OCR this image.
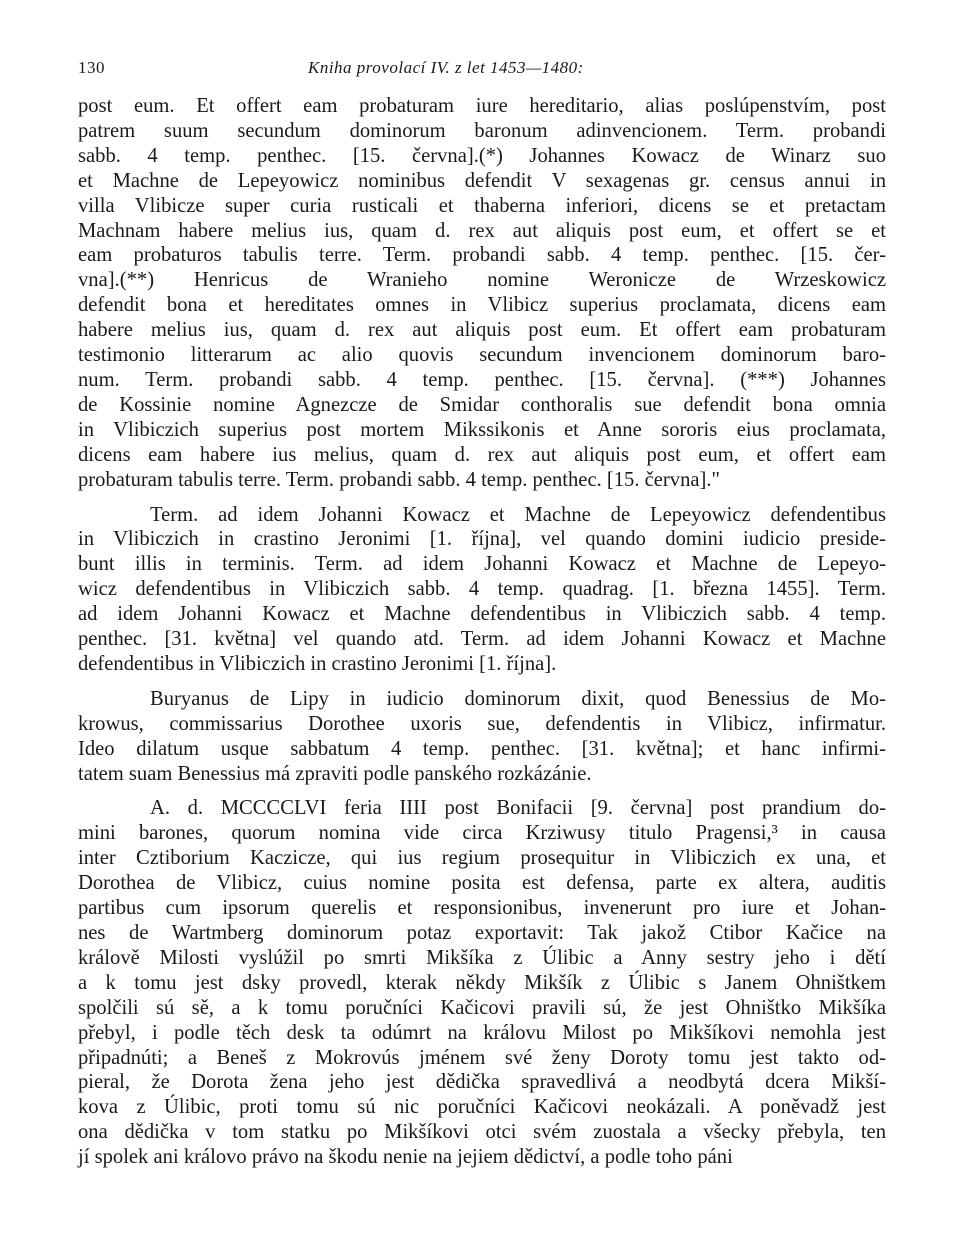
130	Kniha provolací IV. z let 1453—1480:
post eum. Et offert eam probaturam iure hereditario, alias poslúpenstvím, post
patrem suum secundum dominorum baronum adinvencionem. Term. probandi
sabb. 4 temp. penthec. [15. června].(*) Johannes Kowacz de Winarz suo
et Machne de Lepeyowicz nominibus defendit V sexagenas gr. census annui in
villa Vlibicze super curia rusticali et thaberna inferiori, dicens se et pretactam
Machnam habere melius ius, quam d. rex aut aliquis post eum, et offert se et
eam probaturos tabulis terre. Term. probandi sabb. 4 temp. penthec. [15. čer-
vna].(**) Henricus de Wranieho nomine Weronicze de Wrzeskowicz
defendit bona et hereditates omnes in Vlibicz superius proclamata, dicens eam
habere melius ius, quam d. rex aut aliquis post eum. Et offert eam probaturam
testimonio litterarum ac alio quovis secundum invencionem dominorum baro-
num. Term. probandi sabb. 4 temp. penthec. [15. června]. (***) Johannes
de Kossinie nomine Agnezcze de Smidar conthoralis sue defendit bona omnia
in Vlibiczich superius post mortem Mikssikonis et Anne sororis eius proclamata,
dicens eam habere ius melius, quam d. rex aut aliquis post eum, et offert eam
probaturam tabulis terre. Term. probandi sabb. 4 temp. penthec. [15. června]."
Term. ad idem Johanni Kowacz et Machne de Lepeyowicz defendentibus
in Vlibiczich in crastino Jeronimi [1. října], vel quando domini iudicio preside-
bunt illis in terminis. Term. ad idem Johanni Kowacz et Machne de Lepeyo-
wicz defendentibus in Vlibiczich sabb. 4 temp. quadrag. [1. března 1455]. Term.
ad idem Johanni Kowacz et Machne defendentibus in Vlibiczich sabb. 4 temp.
penthec. [31. května] vel quando atd. Term. ad idem Johanni Kowacz et Machne
defendentibus in Vlibiczich in crastino Jeronimi [1. října].
Buryanus de Lipy in iudicio dominorum dixit, quod Benessius de Mo-
krowus, commissarius Dorothee uxoris sue, defendentis in Vlibicz, infirmatur.
Ideo dilatum usque sabbatum 4 temp. penthec. [31. května]; et hanc infirmi-
tatem suam Benessius má zpraviti podle panského rozkázánie.
A. d. MCCCCLVI feria IIII post Bonifacii [9. června] post prandium do-
mini barones, quorum nomina vide circa Krziwusy titulo Pragensi,³ in causa
inter Cztiborium Kaczicze, qui ius regium prosequitur in Vlibiczich ex una, et
Dorothea de Vlibicz, cuius nomine posita est defensa, parte ex altera, auditis
partibus cum ipsorum querelis et responsionibus, invenerunt pro iure et Johan-
nes de Wartmberg dominorum potaz exportavit: Tak jakož Ctibor Kačice na
králově Milosti vyslúžil po smrti Mikšíka z Úlibic a Anny sestry jeho i dětí
a k tomu jest dsky provedl, kterak někdy Mikšík z Úlibic s Janem Ohništkem
spolčili sú sě, a k tomu poručníci Kačicovi pravili sú, že jest Ohništko Mikšíka
přebyl, i podle těch desk ta odúmrt na královu Milost po Mikšíkovi nemohla jest
připadnúti; a Beneš z Mokrovús jménem své ženy Doroty tomu jest takto od-
pieral, že Dorota žena jeho jest dědička spravedlivá a neodbytá dcera Mikší-
kova z Úlibic, proti tomu sú nic poručníci Kačicovi neokázali. A poněvadž jest
ona dědička v tom statku po Mikšíkovi otci svém zuostala a všecky přebyla, ten
jí spolek ani královo právo na škodu nenie na jejiem dědictví, a podle toho páni
